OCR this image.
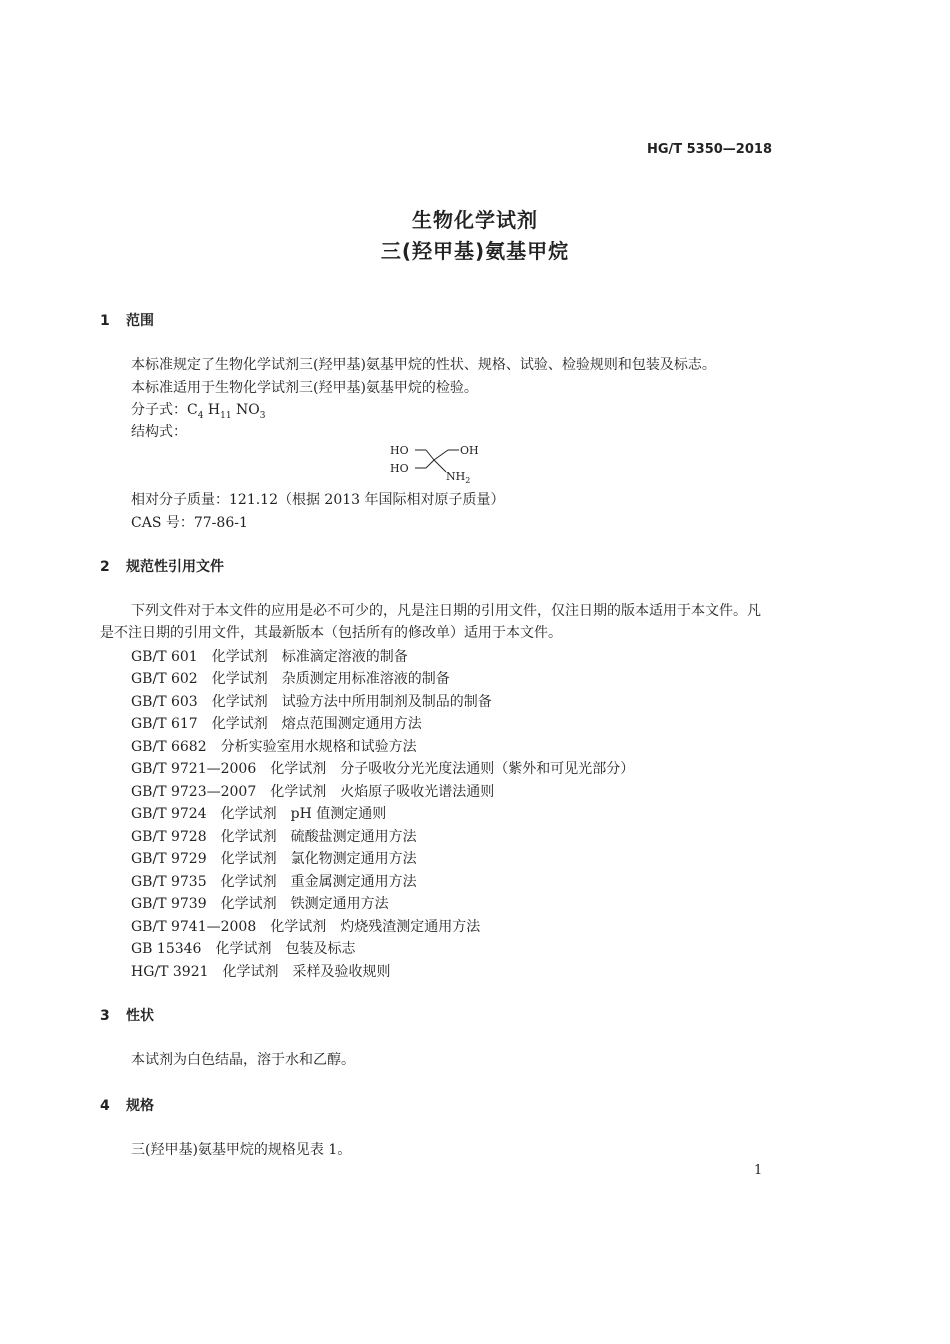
HG/T 5350—2018
生物化学试剂
三(羟甲基)氨基甲烷
1 范围
本标准规定了生物化学试剂三(羟甲基)氨基甲烷的性状、规格、试验、检验规则和包装及标志。
本标准适用于生物化学试剂三(羟甲基)氨基甲烷的检验。
分子式：$C_4$ $H_{11}$ $NO_3$
结构式：
HO	OH
HO
$NH_2$
相对分子质量：121.12（根据 2013 年国际相对原子质量）
CAS 号：77-86-1
2 规范性引用文件
下列文件对于本文件的应用是必不可少的，凡是注日期的引用文件，仅注日期的版本适用于本文件。凡是不注日期的引用文件，其最新版本（包括所有的修改单）适用于本文件。
GB/T 601 化学试剂　标准滴定溶液的制备
GB/T 602 化学试剂　杂质测定用标准溶液的制备
GB/T 603 化学试剂　试验方法中所用制剂及制品的制备
GB/T 617 化学试剂　熔点范围测定通用方法
GB/T 6682 分析实验室用水规格和试验方法
GB/T 9721—2006 化学试剂　分子吸收分光光度法通则（紫外和可见光部分）
GB/T 9723—2007 化学试剂　火焰原子吸收光谱法通则
GB/T 9724 化学试剂　pH 值测定通则
GB/T 9728 化学试剂　硫酸盐测定通用方法
GB/T 9729 化学试剂　氯化物测定通用方法
GB/T 9735 化学试剂　重金属测定通用方法
GB/T 9739 化学试剂　铁测定通用方法
GB/T 9741—2008 化学试剂　灼烧残渣测定通用方法
GB 15346 化学试剂　包装及标志
HG/T 3921 化学试剂　采样及验收规则
3 性状
本试剂为白色结晶，溶于水和乙醇。
4 规格
三(羟甲基)氨基甲烷的规格见表 1。
1
